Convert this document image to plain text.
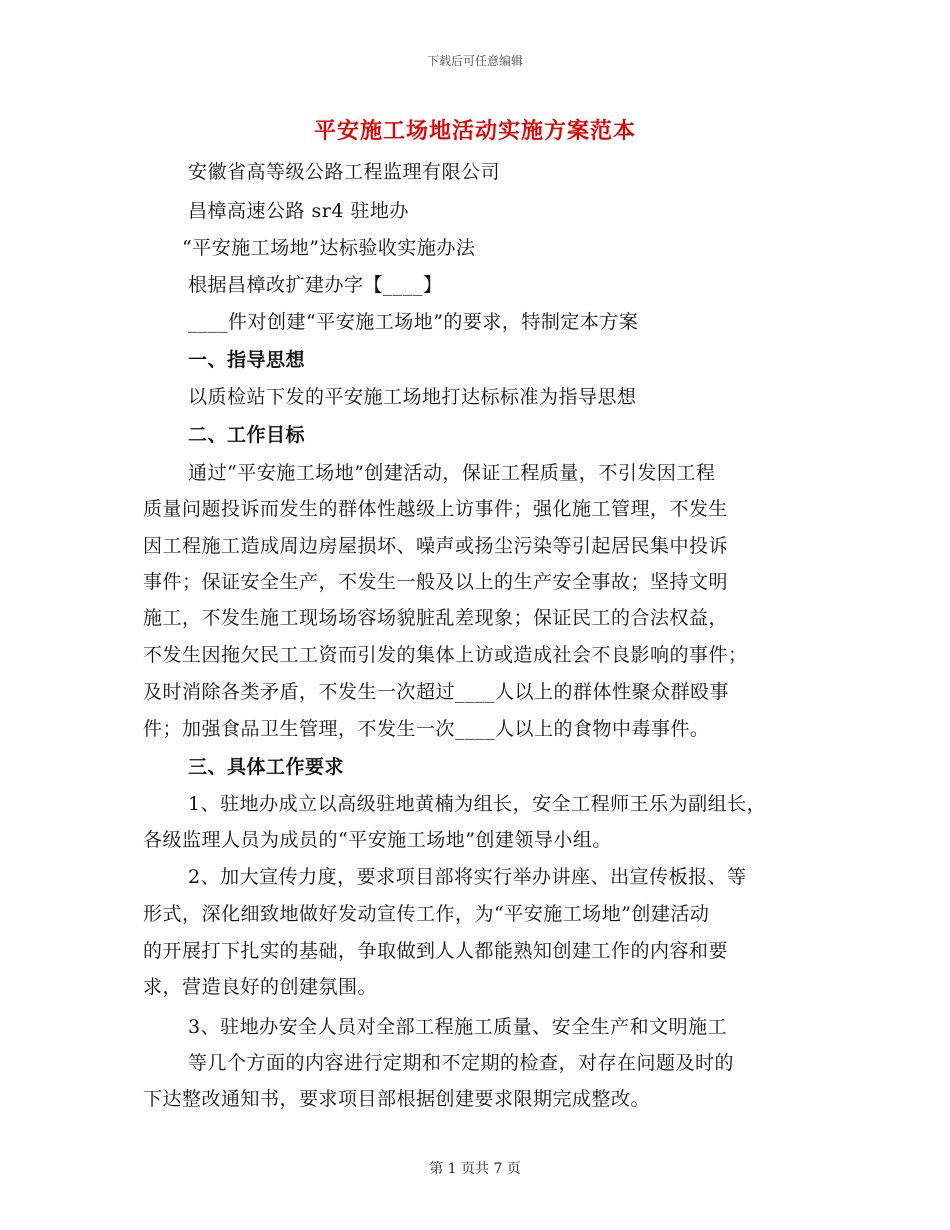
下载后可任意编辑
平安施工场地活动实施方案范本
安徽省高等级公路工程监理有限公司
昌樟高速公路 sr4 驻地办
“平安施工场地”达标验收实施办法
根据昌樟改扩建办字【____】
____件对创建“平安施工场地”的要求，特制定本方案
一、指导思想
以质检站下发的平安施工场地打达标标准为指导思想
二、工作目标
通过“平安施工场地”创建活动，保证工程质量，不引发因工程
质量问题投诉而发生的群体性越级上访事件；强化施工管理，不发生
因工程施工造成周边房屋损坏、噪声或扬尘污染等引起居民集中投诉
事件；保证安全生产，不发生一般及以上的生产安全事故；坚持文明
施工，不发生施工现场场容场貌脏乱差现象；保证民工的合法权益，
不发生因拖欠民工工资而引发的集体上访或造成社会不良影响的事件；
及时消除各类矛盾，不发生一次超过____人以上的群体性聚众群殴事
件；加强食品卫生管理，不发生一次____人以上的食物中毒事件。
三、具体工作要求
1、驻地办成立以高级驻地黄楠为组长，安全工程师王乐为副组长，
各级监理人员为成员的“平安施工场地”创建领导小组。
2、加大宣传力度，要求项目部将实行举办讲座、出宣传板报、等
形式，深化细致地做好发动宣传工作，为“平安施工场地”创建活动
的开展打下扎实的基础，争取做到人人都能熟知创建工作的内容和要
求，营造良好的创建氛围。
3、驻地办安全人员对全部工程施工质量、安全生产和文明施工
等几个方面的内容进行定期和不定期的检查，对存在问题及时的
下达整改通知书，要求项目部根据创建要求限期完成整改。
第 1 页共 7 页
